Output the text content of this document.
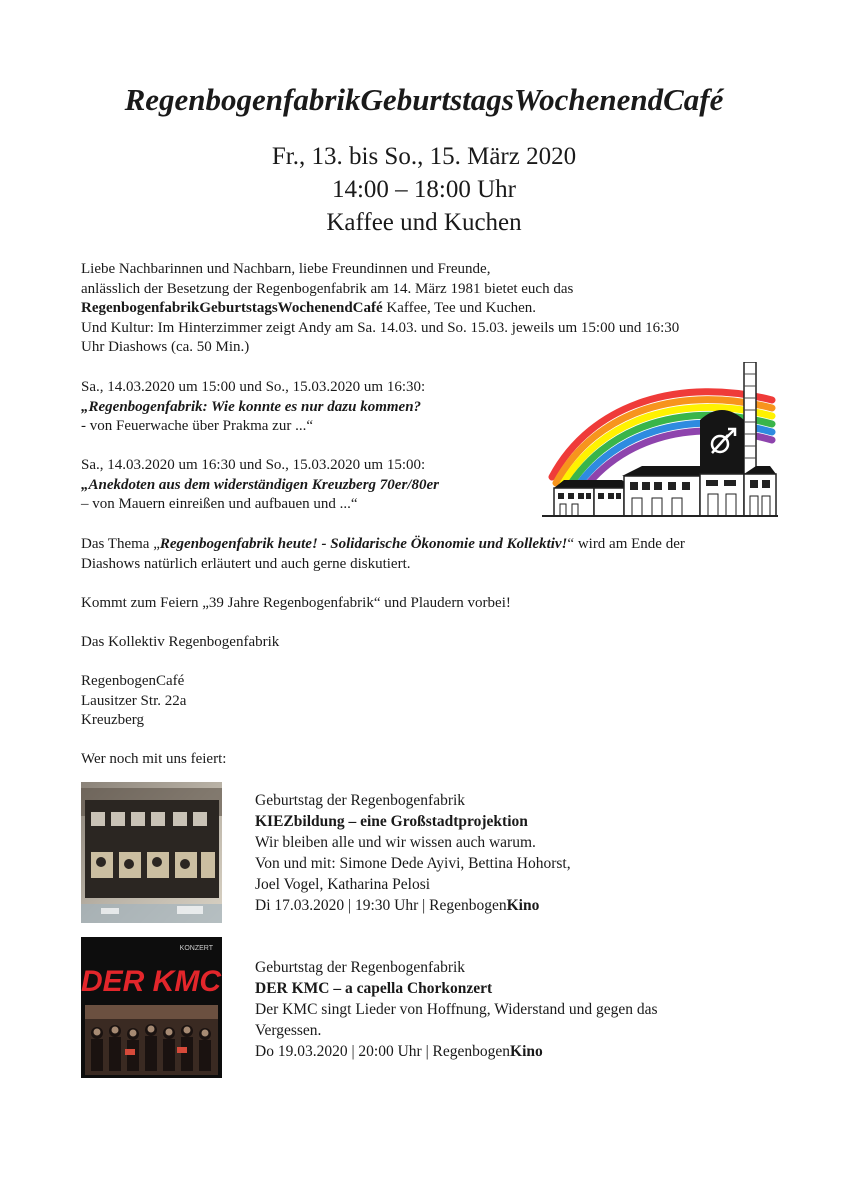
RegenbogenfabrikGeburtstagsWochenendCafé

Fr., 13. bis So., 15. März 2020

14:00 – 18:00 Uhr

Kaffee und Kuchen

Liebe Nachbarinnen und Nachbarn, liebe Freundinnen und Freunde,
anlässlich der Besetzung der Regenbogenfabrik am 14. März 1981 bietet euch das
RegenbogenfabrikGeburtstagsWochenendCafé Kaffee, Tee und Kuchen.
Und Kultur: Im Hinterzimmer zeigt Andy am Sa. 14.03. und So. 15.03. jeweils um 15:00 und 16:30
Uhr Diashows (ca. 50 Min.)
Sa., 14.03.2020 um 15:00 und So., 15.03.2020 um 16:30:
„Regenbogenfabrik: Wie konnte es nur dazu kommen?
- von Feuerwache über Prakma zur ...“
Sa., 14.03.2020 um 16:30 und So., 15.03.2020 um 15:00:
„Anekdoten aus dem widerständigen Kreuzberg 70er/80er
– von Mauern einreißen und aufbauen und ...“
Das Thema „Regenbogenfabrik heute! - Solidarische Ökonomie und Kollektiv!“ wird am Ende der
Diashows natürlich erläutert und auch gerne diskutiert.
Kommt zum Feiern „39 Jahre Regenbogenfabrik“ und Plaudern vorbei!
Das Kollektiv Regenbogenfabrik
RegenbogenCafé
Lausitzer Str. 22a
Kreuzberg
Wer noch mit uns feiert:
Geburtstag der Regenbogenfabrik
KIEZbildung – eine Großstadtprojektion
Wir bleiben alle und wir wissen auch warum.
Von und mit: Simone Dede Ayivi, Bettina Hohorst,
Joel Vogel, Katharina Pelosi
Di 17.03.2020 | 19:30 Uhr | RegenbogenKino
KONZERT
DER KMC Geburtstag der Regenbogenfabrik
DER KMC – a capella Chorkonzert
Der KMC singt Lieder von Hoffnung, Widerstand und gegen das
Vergessen.
Do 19.03.2020 | 20:00 Uhr | RegenbogenKino
